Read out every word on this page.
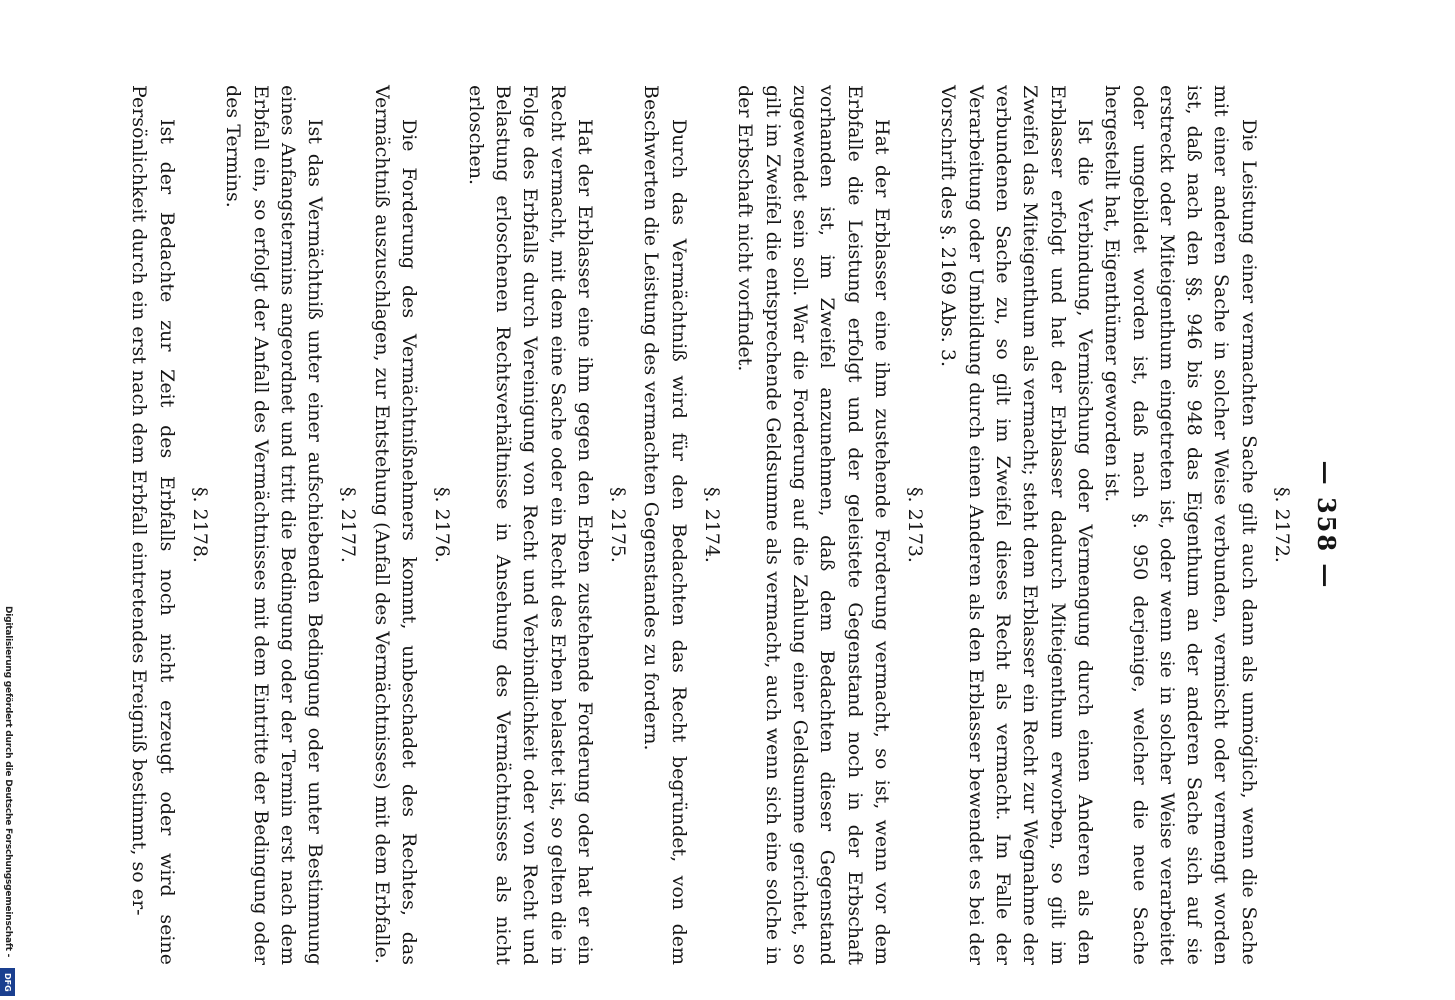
— 358 —
§. 2172.

Die Leistung einer vermachten Sache gilt auch dann als unmöglich, wenn die Sache mit einer anderen Sache in solcher Weise verbunden, vermischt oder vermengt worden ist, daß nach den §§. 946 bis 948 das Eigenthum an der anderen Sache sich auf sie erstreckt oder Miteigenthum eingetreten ist, oder wenn sie in solcher Weise verarbeitet oder umgebildet worden ist, daß nach §. 950 derjenige, welcher die neue Sache hergestellt hat, Eigenthümer geworden ist.

Ist die Verbindung, Vermischung oder Vermengung durch einen Anderen als den Erblasser erfolgt und hat der Erblasser dadurch Miteigenthum erworben, so gilt im Zweifel das Miteigenthum als vermacht; steht dem Erblasser ein Recht zur Wegnahme der verbundenen Sache zu, so gilt im Zweifel dieses Recht als vermacht. Im Falle der Verarbeitung oder Umbildung durch einen Anderen als den Erblasser bewendet es bei der Vorschrift des §. 2169 Abs. 3.

§. 2173.

Hat der Erblasser eine ihm zustehende Forderung vermacht, so ist, wenn vor dem Erbfalle die Leistung erfolgt und der geleistete Gegenstand noch in der Erbschaft vorhanden ist, im Zweifel anzunehmen, daß dem Bedachten dieser Gegenstand zugewendet sein soll. War die Forderung auf die Zahlung einer Geldsumme gerichtet, so gilt im Zweifel die entsprechende Geldsumme als vermacht, auch wenn sich eine solche in der Erbschaft nicht vorfindet.

§. 2174.

Durch das Vermächtniß wird für den Bedachten das Recht begründet, von dem Beschwerten die Leistung des vermachten Gegenstandes zu fordern.

§. 2175.

Hat der Erblasser eine ihm gegen den Erben zustehende Forderung oder hat er ein Recht vermacht, mit dem eine Sache oder ein Recht des Erben belastet ist, so gelten die in Folge des Erbfalls durch Vereinigung von Recht und Verbindlichkeit oder von Recht und Belastung erloschenen Rechtsverhältnisse in Ansehung des Vermächtnisses als nicht erloschen.

§. 2176.

Die Forderung des Vermächtnißnehmers kommt, unbeschadet des Rechtes, das Vermächtniß auszuschlagen, zur Entstehung (Anfall des Vermächtnisses) mit dem Erbfalle.

§. 2177.

Ist das Vermächtniß unter einer aufschiebenden Bedingung oder unter Bestimmung eines Anfangstermins angeordnet und tritt die Bedingung oder der Termin erst nach dem Erbfall ein, so erfolgt der Anfall des Vermächtnisses mit dem Eintritte der Bedingung oder des Termins.

§. 2178.

Ist der Bedachte zur Zeit des Erbfalls noch nicht erzeugt oder wird seine Persönlichkeit durch ein erst nach dem Erbfall eintretendes Ereigniß bestimmt, so er-

Digitalisierung gefördert durch die Deutsche Forschungsgemeinschaft -
DFG
